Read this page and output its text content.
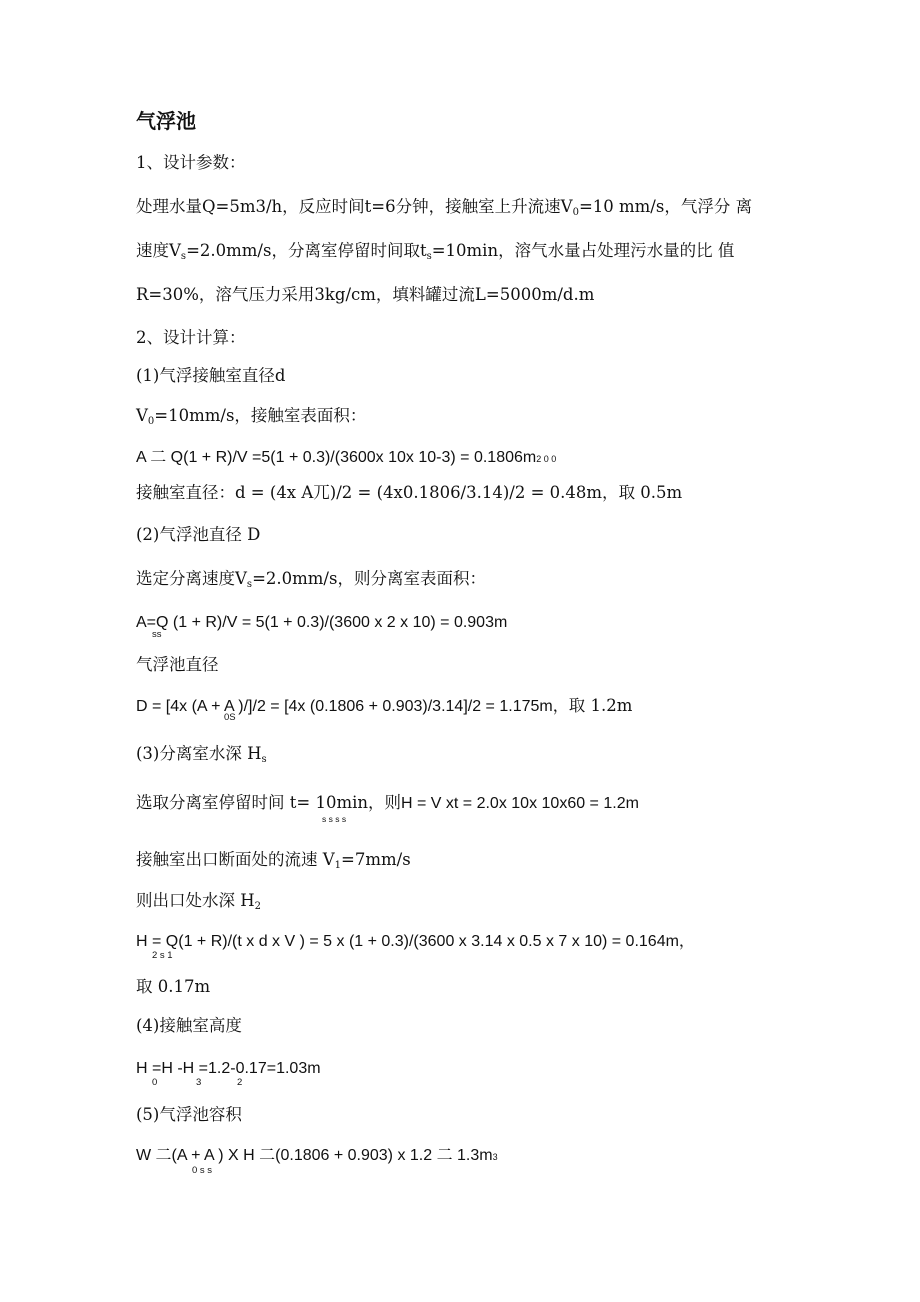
气浮池
1、设计参数：
处理水量Q=5m3/h，反应时间t=6分钟，接触室上升流速$V_0=10$ mm/s，气浮分 离
速度$V_s=2.0mm/s$，分离室停留时间取$t_s=10\min$，溶气水量占处理污水量的比 值
R=30%，溶气压力采用3kg/cm，填料罐过流L=5000m/d.m
2、设计计算：
(1)气浮接触室直径d
$V_0=10mm/s$，接触室表面积：
A 二 Q(1 + R)/V =5(1 + 0.3)/(3600x 10x 10-3) = 0.1806m2 0 0
接触室直径：d = (4x A兀)/2 = (4x0.1806/3.14)/2 = 0.48m，取 0.5m
(2)气浮池直径 D
选定分离速度$V_s=2.0mm/s$，则分离室表面积：
A=Q (1 + R)/V = 5(1 + 0.3)/(3600 x 2 x 10) = 0.903m
ss
气浮池直径
D = [4x (A + A )/]/2 = [4x (0.1806 + 0.903)/3.14]/2 = 1.175m，取 1.2m
0S
(3)分离室水深 $H_s$
选取分离室停留时间 t= 10min，则H = V xt = 2.0x 10x 10x60 = 1.2m
s s s s
接触室出口断面处的流速 $V_1=7mm/s$
则出口处水深 $H_2$
H = Q(1 + R)/(t x d x V ) = 5 x (1 + 0.3)/(3600 x 3.14 x 0.5 x 7 x 10) = 0.164m，
2 s 1
取 0.17m
(4)接触室高度
H =H -H =1.2-0.17=1.03m
0	3	2
(5)气浮池容积
W 二(A + A ) X H 二(0.1806 + 0.903) x 1.2 二 1.3m3
0 s s
